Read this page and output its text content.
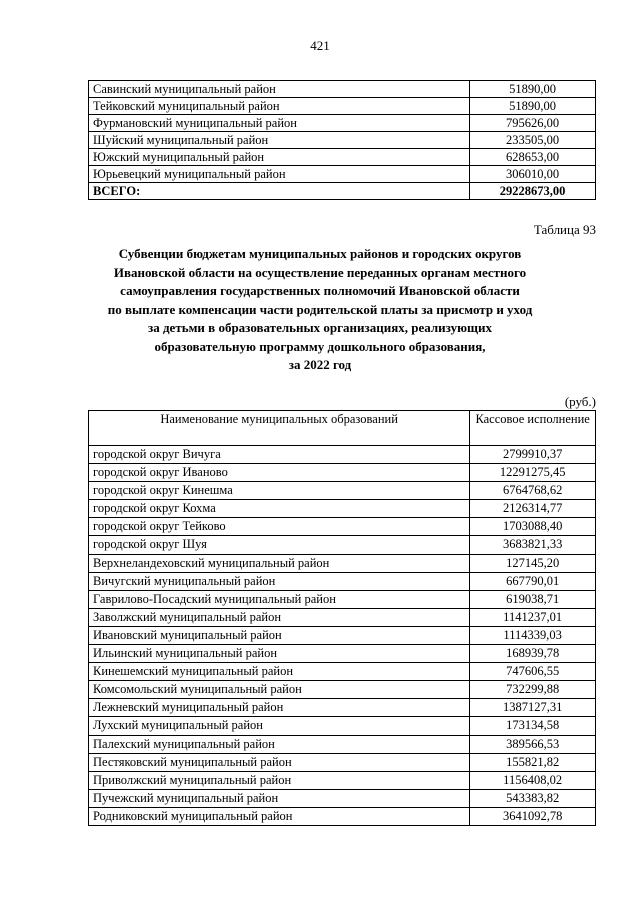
421
Савинский муниципальный район	51890,00
Тейковский муниципальный район	51890,00
Фурмановский муниципальный район	795626,00
Шуйский муниципальный район	233505,00
Южский муниципальный район	628653,00
Юрьевецкий муниципальный район	306010,00
ВСЕГО:	29228673,00
Таблица 93
Субвенции бюджетам муниципальных районов и городских округов
Ивановской области на осуществление переданных органам местного
самоуправления государственных полномочий Ивановской области
по выплате компенсации части родительской платы за присмотр и уход
за детьми в образовательных организациях, реализующих
образовательную программу дошкольного образования,
за 2022 год
(руб.)
Наименование муниципальных образований	Кассовое исполнение
городской округ Вичуга	2799910,37
городской округ Иваново	12291275,45
городской округ Кинешма	6764768,62
городской округ Кохма	2126314,77
городской округ Тейково	1703088,40
городской округ Шуя	3683821,33
Верхнеландеховский муниципальный район	127145,20
Вичугский муниципальный район	667790,01
Гаврилово-Посадский муниципальный район	619038,71
Заволжский муниципальный район	1141237,01
Ивановский муниципальный район	1114339,03
Ильинский муниципальный район	168939,78
Кинешемский муниципальный район	747606,55
Комсомольский муниципальный район	732299,88
Лежневский муниципальный район	1387127,31
Лухский муниципальный район	173134,58
Палехский муниципальный район	389566,53
Пестяковский муниципальный район	155821,82
Приволжский муниципальный район	1156408,02
Пучежский муниципальный район	543383,82
Родниковский муниципальный район	3641092,78
